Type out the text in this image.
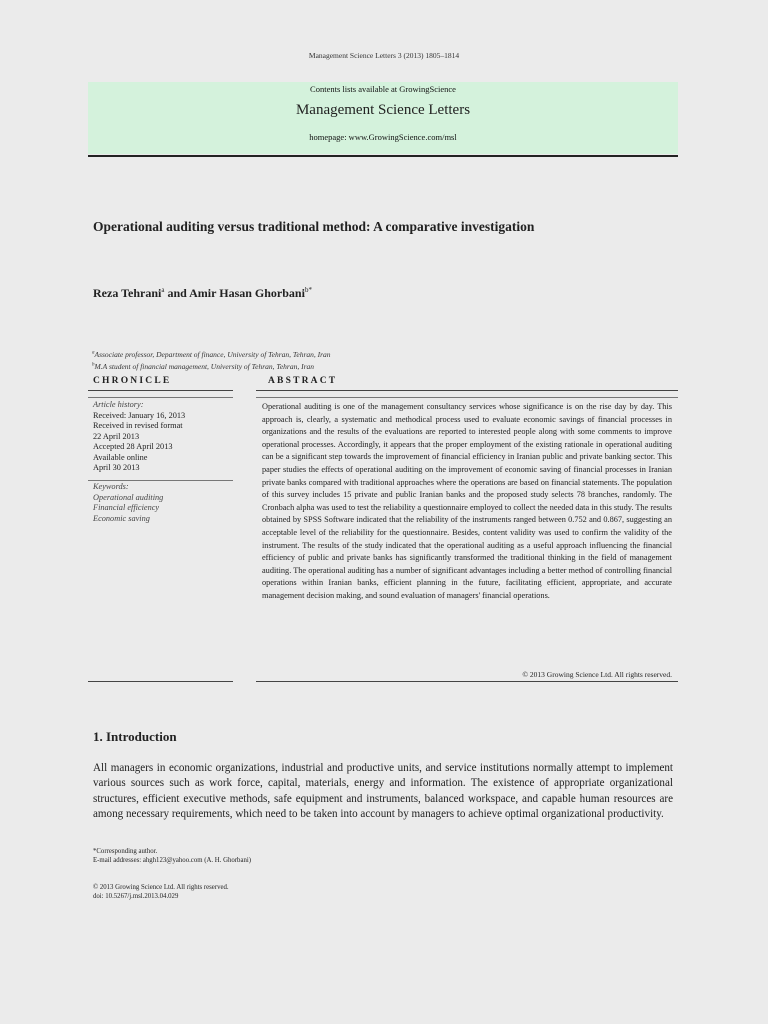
Management Science Letters 3 (2013) 1805–1814
Contents lists available at GrowingScience
Management Science Letters
homepage: www.GrowingScience.com/msl
Operational auditing versus traditional method: A comparative investigation
Reza Tehrani$^a$ and Amir Hasan Ghorbani$^{b*}$
$^a$Associate professor, Department of finance, University of Tehran, Tehran, Iran
$^b$M.A student of financial management, University of Tehran, Tehran, Iran
CHRONICLE	ABSTRACT
Article history:
Received: January 16, 2013
Received in revised format
22 April 2013
Accepted 28 April 2013
Available online
April 30 2013
Keywords:
Operational auditing
Financial efficiency
Economic saving
Operational auditing is one of the management consultancy services whose significance is on the rise day by day. This approach is, clearly, a systematic and methodical process used to evaluate economic savings of financial processes in organizations and the results of the evaluations are reported to interested people along with some comments to improve operational processes. Accordingly, it appears that the proper employment of the existing rationale in operational auditing can be a significant step towards the improvement of financial efficiency in Iranian public and private banking sector. This paper studies the effects of operational auditing on the improvement of economic saving of financial processes in Iranian private banks compared with traditional approaches where the operations are based on financial statements. The population of this survey includes 15 private and public Iranian banks and the proposed study selects 78 branches, randomly. The Cronbach alpha was used to test the reliability a questionnaire employed to collect the needed data in this study. The results obtained by SPSS Software indicated that the reliability of the instruments ranged between 0.752 and 0.867, suggesting an acceptable level of the reliability for the questionnaire. Besides, content validity was used to confirm the validity of the instrument. The results of the study indicated that the operational auditing as a useful approach influencing the financial efficiency of public and private banks has significantly transformed the traditional thinking in the field of management auditing. The operational auditing has a number of significant advantages including a better method of controlling financial operations within Iranian banks, efficient planning in the future, facilitating efficient, appropriate, and accurate management decision making, and sound evaluation of managers' financial operations.
© 2013 Growing Science Ltd. All rights reserved.
1. Introduction
All managers in economic organizations, industrial and productive units, and service institutions normally attempt to implement various sources such as work force, capital, materials, energy and information. The existence of appropriate organizational structures, efficient executive methods, safe equipment and instruments, balanced workspace, and capable human resources are among necessary requirements, which need to be taken into account by managers to achieve optimal organizational productivity.
*Corresponding author.
E-mail addresses: ahgh123@yahoo.com (A. H. Ghorbani)
© 2013 Growing Science Ltd. All rights reserved.
doi: 10.5267/j.msl.2013.04.029
